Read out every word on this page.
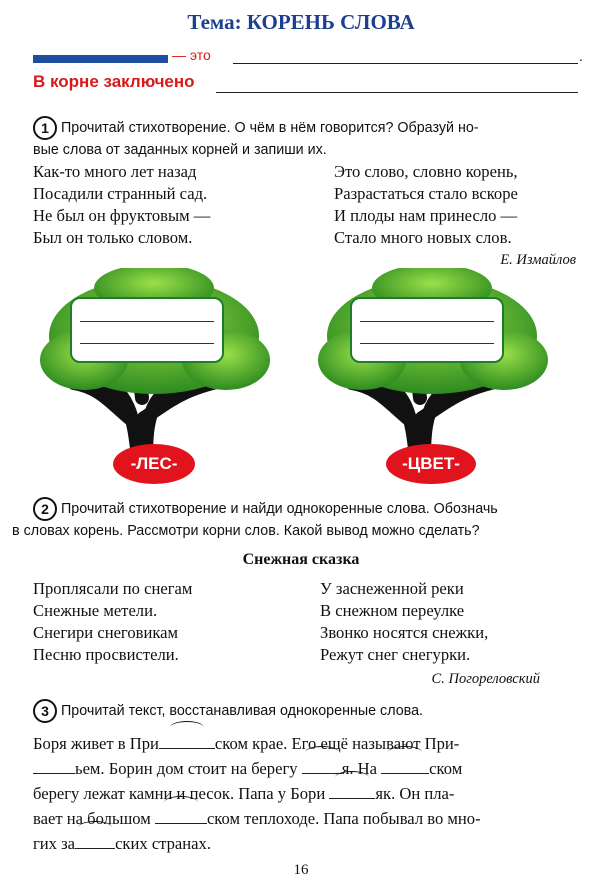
Тема: КОРЕНЬ СЛОВА
— это	.
В корне заключено
1 Прочитай стихотворение. О чём в нём говорится? Образуй но-
вые слова от заданных корней и запиши их.
Как-то много лет назад
Посадили странный сад.
Не был он фруктовым —
Был он только словом.
Это слово, словно корень,
Разрастаться стало вскоре
И плоды нам принесло —
Стало много новых слов.
Е. Измайлов
-ЛЕС-	-ЦВЕТ-
2 Прочитай стихотворение и найди однокоренные слова. Обозначь
в словах корень. Рассмотри корни слов. Какой вывод можно сделать?
Снежная сказка
Проплясали по снегам
Снежные метели.
Снегири снеговикам
Песню просвистели.
У заснеженной реки
В снежном переулке
Звонко носятся снежки,
Режут снег снегурки.
С. Погореловский
3 Прочитай текст, восстанавливая однокоренные слова.
Боря живет в При	ском крае. Его ещё называют При-
ьем. Борин дом стоит на берегу	я. На	ском
берегу лежат камни и песок. Папа у Бори	як. Он пла-
вает на большом	ском теплоходе. Папа побывал во мно-
гих за ских странах.
16
